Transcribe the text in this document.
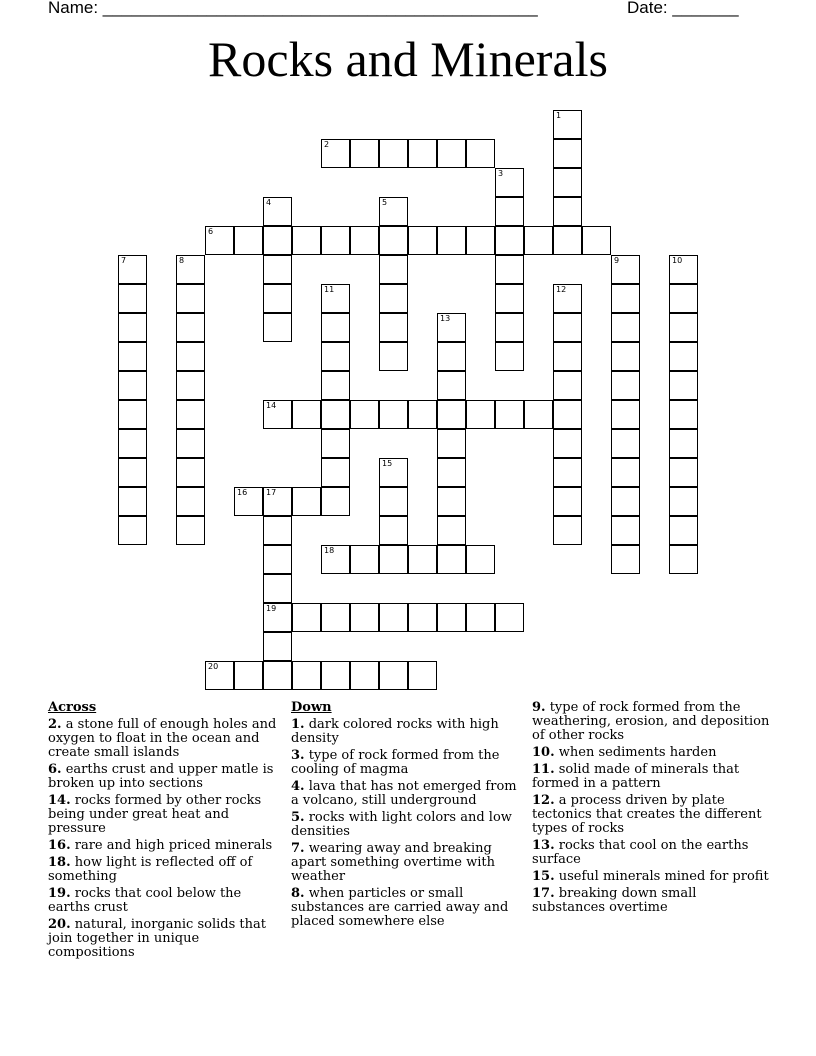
Name: ______________________________________________	Date: _______
Rocks and Minerals
1
2
3
4	5
6
7	8	9	10
11	12
13
14
15
16 17
19
18
20
Across
2. a stone full of enough holes and oxygen to float in the ocean and create small islands
6. earths crust and upper matle is broken up into sections
14. rocks formed by other rocks being under great heat and pressure
16. rare and high priced minerals
18. how light is reflected off of something
19. rocks that cool below the earths crust
20. natural, inorganic solids that join together in unique compositions
Down
1. dark colored rocks with high density
3. type of rock formed from the cooling of magma
4. lava that has not emerged from a volcano, still underground
5. rocks with light colors and low densities
7. wearing away and breaking apart something overtime with weather
8. when particles or small substances are carried away and placed somewhere else
9. type of rock formed from the weathering, erosion, and deposition of other rocks
10. when sediments harden
11. solid made of minerals that formed in a pattern
12. a process driven by plate tectonics that creates the different types of rocks
13. rocks that cool on the earths surface
15. useful minerals mined for profit
17. breaking down small substances overtime
